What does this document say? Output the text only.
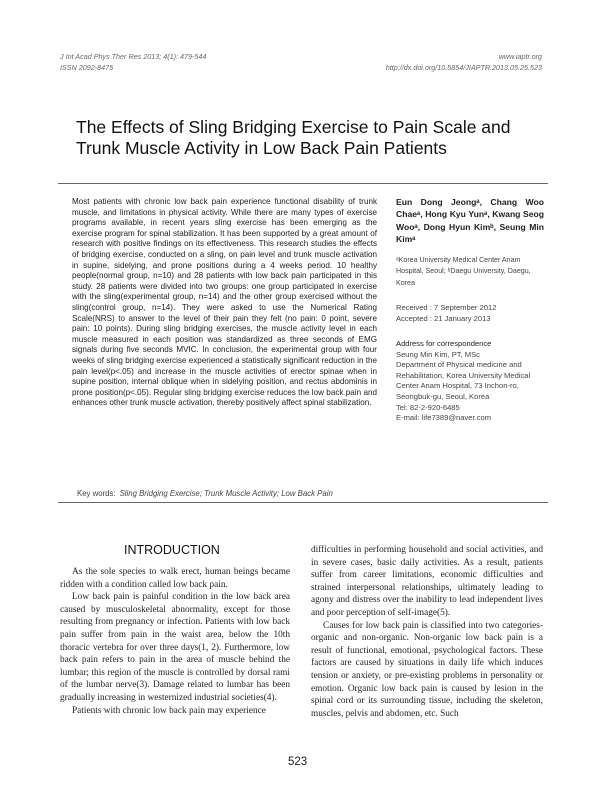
J Int Acad Phys Ther Res 2013; 4(1): 479-544
ISSN 2092-8475
www.iaptr.org
http://dx.doi.org/10.5854/JIAPTR.2013.05.25.523
The Effects of Sling Bridging Exercise to Pain Scale and Trunk Muscle Activity in Low Back Pain Patients

Most patients with chronic low back pain experience functional disability of trunk muscle, and limitations in physical activity. While there are many types of exercise programs available, in recent years sling exercise has been emerging as the exercise program for spinal stabilization. It has been supported by a great amount of research with positive findings on its effectiveness. This research studies the effects of bridging exercise, conducted on a sling, on pain level and trunk muscle activation in supine, sidelying, and prone positions during a 4 weeks period. 10 healthy people(normal group, n=10) and 28 patients with low back pain participated in this study. 28 patients were divided into two groups: one group participated in exercise with the sling(experimental group, n=14) and the other group exercised without the sling(control group, n=14). They were asked to use the Numerical Rating Scale(NRS) to answer to the level of their pain they felt (no pain: 0 point, severe pain: 10 points). During sling bridging exercises, the muscle activity level in each muscle measured in each position was standardized as three seconds of EMG signals during five seconds MVIC. In conclusion, the experimental group with four weeks of sling bridging exercise experienced a statistically significant reduction in the pain level(p<.05) and increase in the muscle activities of erector spinae when in supine position, internal oblique when in sidelying position, and rectus abdominis in prone position(p<.05). Regular sling bridging exercise reduces the low back pain and enhances other trunk muscle activation, thereby positively affect spinal stabilization.

Eun Dong Jeongᵃ, Chang Woo Chaeᵃ, Hong Kyu Yunᵃ, Kwang Seog Wooᵃ, Dong Hyun Kimᵇ, Seung Min Kimᵃ

ᵃKorea University Medical Center Anam Hospital, Seoul; ᵇDaegu University, Daegu, Korea

Received : 7 September 2012
Accepted : 21 January 2013
Address for correspondence
Seung Min Kim, PT, MSc
Department of Physical medicine and Rehabilitation, Korea University Medical Center Anam Hospital, 73 Inchon-ro, Seongbuk-gu, Seoul, Korea
Tel: 82-2-920-6485
E-mail: life7389@naver.com
Key words: Sling Bridging Exercise; Trunk Muscle Activity; Low Back Pain
INTRODUCTION

As the sole species to walk erect, human beings became ridden with a condition called low back pain.

Low back pain is painful condition in the low back area caused by musculoskeletal abnormality, except for those resulting from pregnancy or infection. Patients with low back pain suffer from pain in the waist area, below the 10th thoracic vertebra for over three days(1, 2). Furthermore, low back pain refers to pain in the area of muscle behind the lumbar; this region of the muscle is controlled by dorsal rami of the lumbar nerve(3). Damage related to lumbar has been gradually increasing in westernized industrial societies(4).

Patients with chronic low back pain may experience

difficulties in performing household and social activities, and in severe cases, basic daily activities. As a result, patients suffer from career limitations, economic difficulties and strained interpersonal relationships, ultimately leading to agony and distress over the inability to lead independent lives and poor perception of self-image(5).

Causes for low back pain is classified into two categories- organic and non-organic. Non-organic low back pain is a result of functional, emotional, psychological factors. These factors are caused by situations in daily life which induces tension or anxiety, or pre-existing problems in personality or emotion. Organic low back pain is caused by lesion in the spinal cord or its surrounding tissue, including the skeleton, muscles, pelvis and abdomen, etc. Such

523
